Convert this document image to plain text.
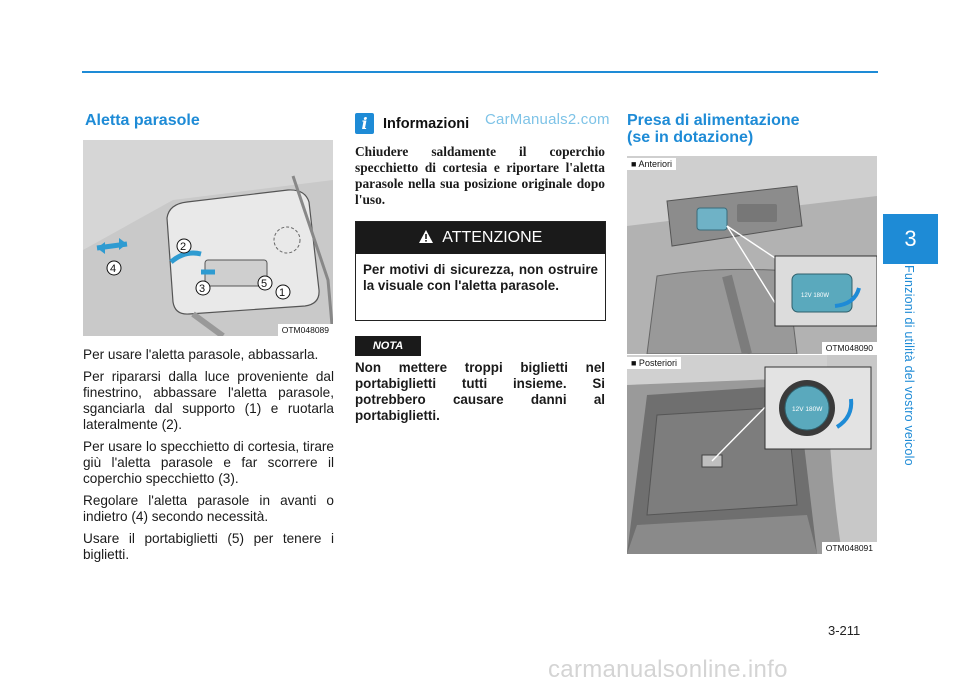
3
Funzioni di utilità del vostro veicolo
Aletta parasole
2
4
3	5
1
OTM048089

Per usare l'aletta parasole, abbassarla.

Per ripararsi dalla luce proveniente dal finestrino, abbassare l'aletta parasole, sganciarla dal supporto (1) e ruotarla lateralmente (2).

Per usare lo specchietto di cortesia, tirare giù l'aletta parasole e far scorrere il coperchio specchietto (3).

Regolare l'aletta parasole in avanti o indietro (4) secondo necessità.

Usare il portabiglietti (5) per tenere i biglietti.

i	Informazioni CarManuals2.com

Chiudere saldamente il coperchio specchietto di cortesia e riportare l'aletta parasole nella sua posizione originale dopo l'uso.

ATTENZIONE
Per motivi di sicurezza, non ostruire la visuale con l'aletta parasole.
NOTA

Non mettere troppi biglietti nel portabiglietti tutti insieme. Si potrebbero causare danni al portabiglietti.

Presa di alimentazione
(se in dotazione)
12V 180W
■ Anteriori
OTM048090
12V 180W
■ Posteriori
OTM048091
3-211
carmanualsonline.info
